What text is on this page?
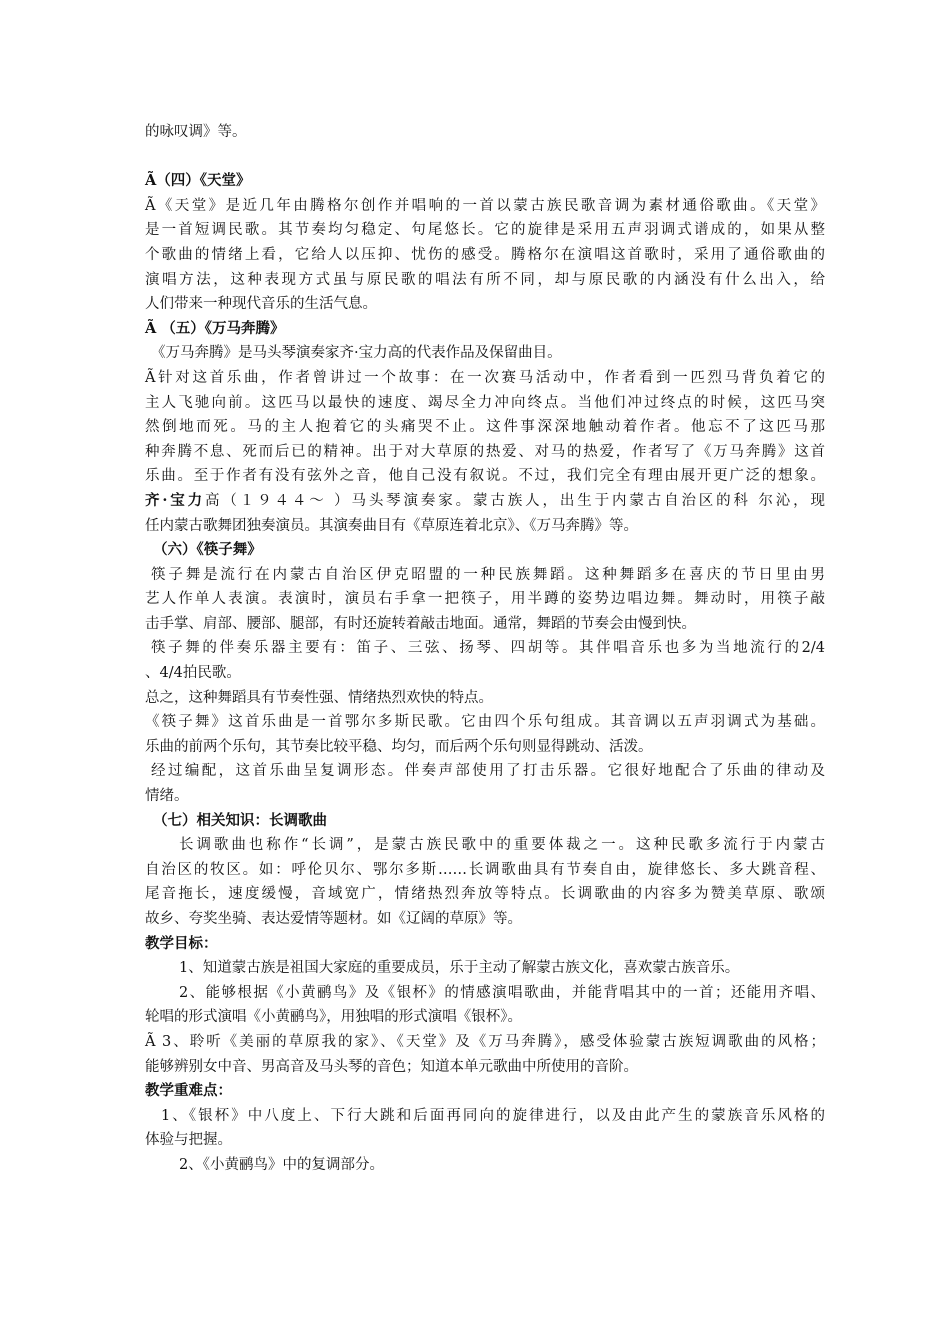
的咏叹调》等。
Ã（四）《天堂》
Ã《天堂》是近几年由腾格尔创作并唱响的一首以蒙古族民歌音调为素材通俗歌曲。《天堂》
是一首短调民歌。其节奏均匀稳定、句尾悠长。它的旋律是采用五声羽调式谱成的，如果从整
个歌曲的情绪上看，它给人以压抑、忧伤的感受。腾格尔在演唱这首歌时，采用了通俗歌曲的
演唱方法，这种表现方式虽与原民歌的唱法有所不同，却与原民歌的内涵没有什么出入，给
人们带来一种现代音乐的生活气息。
Ã （五）《万马奔腾》
《万马奔腾》是马头琴演奏家齐·宝力高的代表作品及保留曲目。
Ã针对这首乐曲，作者曾讲过一个故事：在一次赛马活动中，作者看到一匹烈马背负着它的
主人飞驰向前。这匹马以最快的速度、竭尽全力冲向终点。当他们冲过终点的时候，这匹马突
然倒地而死。马的主人抱着它的头痛哭不止。这件事深深地触动着作者。他忘不了这匹马那
种奔腾不息、死而后已的精神。出于对大草原的热爱、对马的热爱，作者写了《万马奔腾》这首
乐曲。至于作者有没有弦外之音，他自己没有叙说。不过，我们完全有理由展开更广泛的想象。
齐·宝力高（１９４４～ ）马头琴演奏家。蒙古族人，出生于内蒙古自治区的科 尔沁，现
任内蒙古歌舞团独奏演员。其演奏曲目有《草原连着北京》、《万马奔腾》等。
（六）《筷子舞》
筷子舞是流行在内蒙古自治区伊克昭盟的一种民族舞蹈。这种舞蹈多在喜庆的节日里由男
艺人作单人表演。表演时，演员右手拿一把筷子，用半蹲的姿势边唱边舞。舞动时，用筷子敲
击手掌、肩部、腰部、腿部，有时还旋转着敲击地面。通常，舞蹈的节奏会由慢到快。
筷子舞的伴奏乐器主要有：笛子、三弦、扬琴、四胡等。其伴唱音乐也多为当地流行的2/4
、4/4拍民歌。
总之，这种舞蹈具有节奏性强、情绪热烈欢快的特点。
《筷子舞》这首乐曲是一首鄂尔多斯民歌。它由四个乐句组成。其音调以五声羽调式为基础。
乐曲的前两个乐句，其节奏比较平稳、均匀，而后两个乐句则显得跳动、活泼。
经过编配，这首乐曲呈复调形态。伴奏声部使用了打击乐器。它很好地配合了乐曲的律动及
情绪。
（七）相关知识：长调歌曲
长调歌曲也称作“长调”，是蒙古族民歌中的重要体裁之一。这种民歌多流行于内蒙古
自治区的牧区。如：呼伦贝尔、鄂尔多斯……长调歌曲具有节奏自由，旋律悠长、多大跳音程、
尾音拖长，速度缓慢，音域宽广，情绪热烈奔放等特点。长调歌曲的内容多为赞美草原、歌颂
故乡、夸奖坐骑、表达爱情等题材。如《辽阔的草原》等。
教学目标：
1、知道蒙古族是祖国大家庭的重要成员，乐于主动了解蒙古族文化，喜欢蒙古族音乐。
2、能够根据《小黄鹂鸟》及《银杯》的情感演唱歌曲，并能背唱其中的一首；还能用齐唱、
轮唱的形式演唱《小黄鹂鸟》，用独唱的形式演唱《银杯》。
Ã 3、聆听《美丽的草原我的家》、《天堂》及《万马奔腾》，感受体验蒙古族短调歌曲的风格；
能够辨别女中音、男高音及马头琴的音色；知道本单元歌曲中所使用的音阶。
教学重难点：
1、《银杯》中八度上、下行大跳和后面再同向的旋律进行，以及由此产生的蒙族音乐风格的
体验与把握。
2、《小黄鹂鸟》中的复调部分。
